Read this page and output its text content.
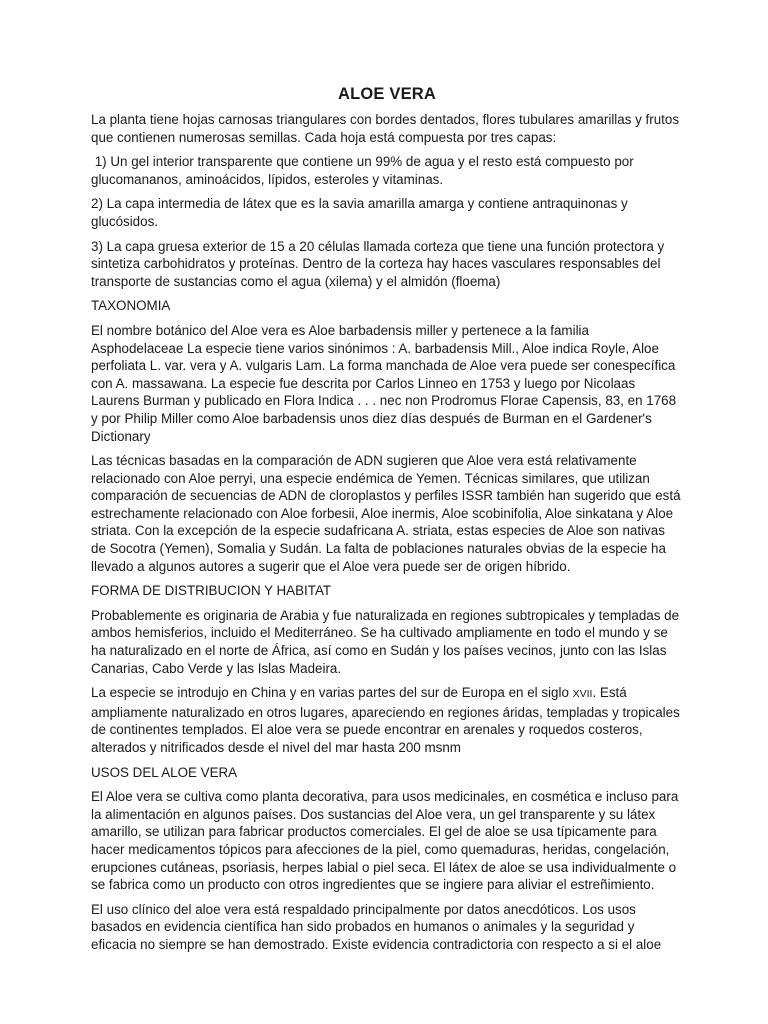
ALOE VERA

La planta tiene hojas carnosas triangulares con bordes dentados, flores tubulares amarillas y frutos que contienen numerosas semillas. Cada hoja está compuesta por tres capas:

1) Un gel interior transparente que contiene un 99% de agua y el resto está compuesto por glucomananos, aminoácidos, lípidos, esteroles y vitaminas.

2) La capa intermedia de látex que es la savia amarilla amarga y contiene antraquinonas y glucósidos.

3) La capa gruesa exterior de 15 a 20 células llamada corteza que tiene una función protectora y sintetiza carbohidratos y proteínas. Dentro de la corteza hay haces vasculares responsables del transporte de sustancias como el agua (xilema) y el almidón (floema)

TAXONOMIA

El nombre botánico del Aloe vera es Aloe barbadensis miller y pertenece a la familia Asphodelaceae La especie tiene varios sinónimos : A. barbadensis Mill., Aloe indica Royle, Aloe perfoliata L. var. vera y A. vulgaris Lam. La forma manchada de Aloe vera puede ser conespecífica con A. massawana. La especie fue descrita por Carlos Linneo en 1753 y luego por Nicolaas Laurens Burman y publicado en Flora Indica . . . nec non Prodromus Florae Capensis, 83, en 1768 y por Philip Miller como Aloe barbadensis unos diez días después de Burman en el Gardener's Dictionary

Las técnicas basadas en la comparación de ADN sugieren que Aloe vera está relativamente relacionado con Aloe perryi, una especie endémica de Yemen. Técnicas similares, que utilizan comparación de secuencias de ADN de cloroplastos y perfiles ISSR también han sugerido que está estrechamente relacionado con Aloe forbesii, Aloe inermis, Aloe scobinifolia, Aloe sinkatana y Aloe striata. Con la excepción de la especie sudafricana A. striata, estas especies de Aloe son nativas de Socotra (Yemen), Somalia y Sudán. La falta de poblaciones naturales obvias de la especie ha llevado a algunos autores a sugerir que el Aloe vera puede ser de origen híbrido.

FORMA DE DISTRIBUCION Y HABITAT

Probablemente es originaria de Arabia y fue naturalizada en regiones subtropicales y templadas de ambos hemisferios, incluido el Mediterráneo. Se ha cultivado ampliamente en todo el mundo y se ha naturalizado en el norte de África, así como en Sudán y los países vecinos, junto con las Islas Canarias, Cabo Verde y las Islas Madeira.

La especie se introdujo en China y en varias partes del sur de Europa en el siglo XVII. Está ampliamente naturalizado en otros lugares, apareciendo en regiones áridas, templadas y tropicales de continentes templados. El aloe vera se puede encontrar en arenales y roquedos costeros, alterados y nitrificados desde el nivel del mar hasta 200 msnm

USOS DEL ALOE VERA

El Aloe vera se cultiva como planta decorativa, para usos medicinales, en cosmética e incluso para la alimentación en algunos países. Dos sustancias del Aloe vera, un gel transparente y su látex amarillo, se utilizan para fabricar productos comerciales. El gel de aloe se usa típicamente para hacer medicamentos tópicos para afecciones de la piel, como quemaduras, heridas, congelación, erupciones cutáneas, psoriasis, herpes labial o piel seca. El látex de aloe se usa individualmente o se fabrica como un producto con otros ingredientes que se ingiere para aliviar el estreñimiento.

El uso clínico del aloe vera está respaldado principalmente por datos anecdóticos. Los usos basados en evidencia científica han sido probados en humanos o animales y la seguridad y eficacia no siempre se han demostrado. Existe evidencia contradictoria con respecto a si el aloe
